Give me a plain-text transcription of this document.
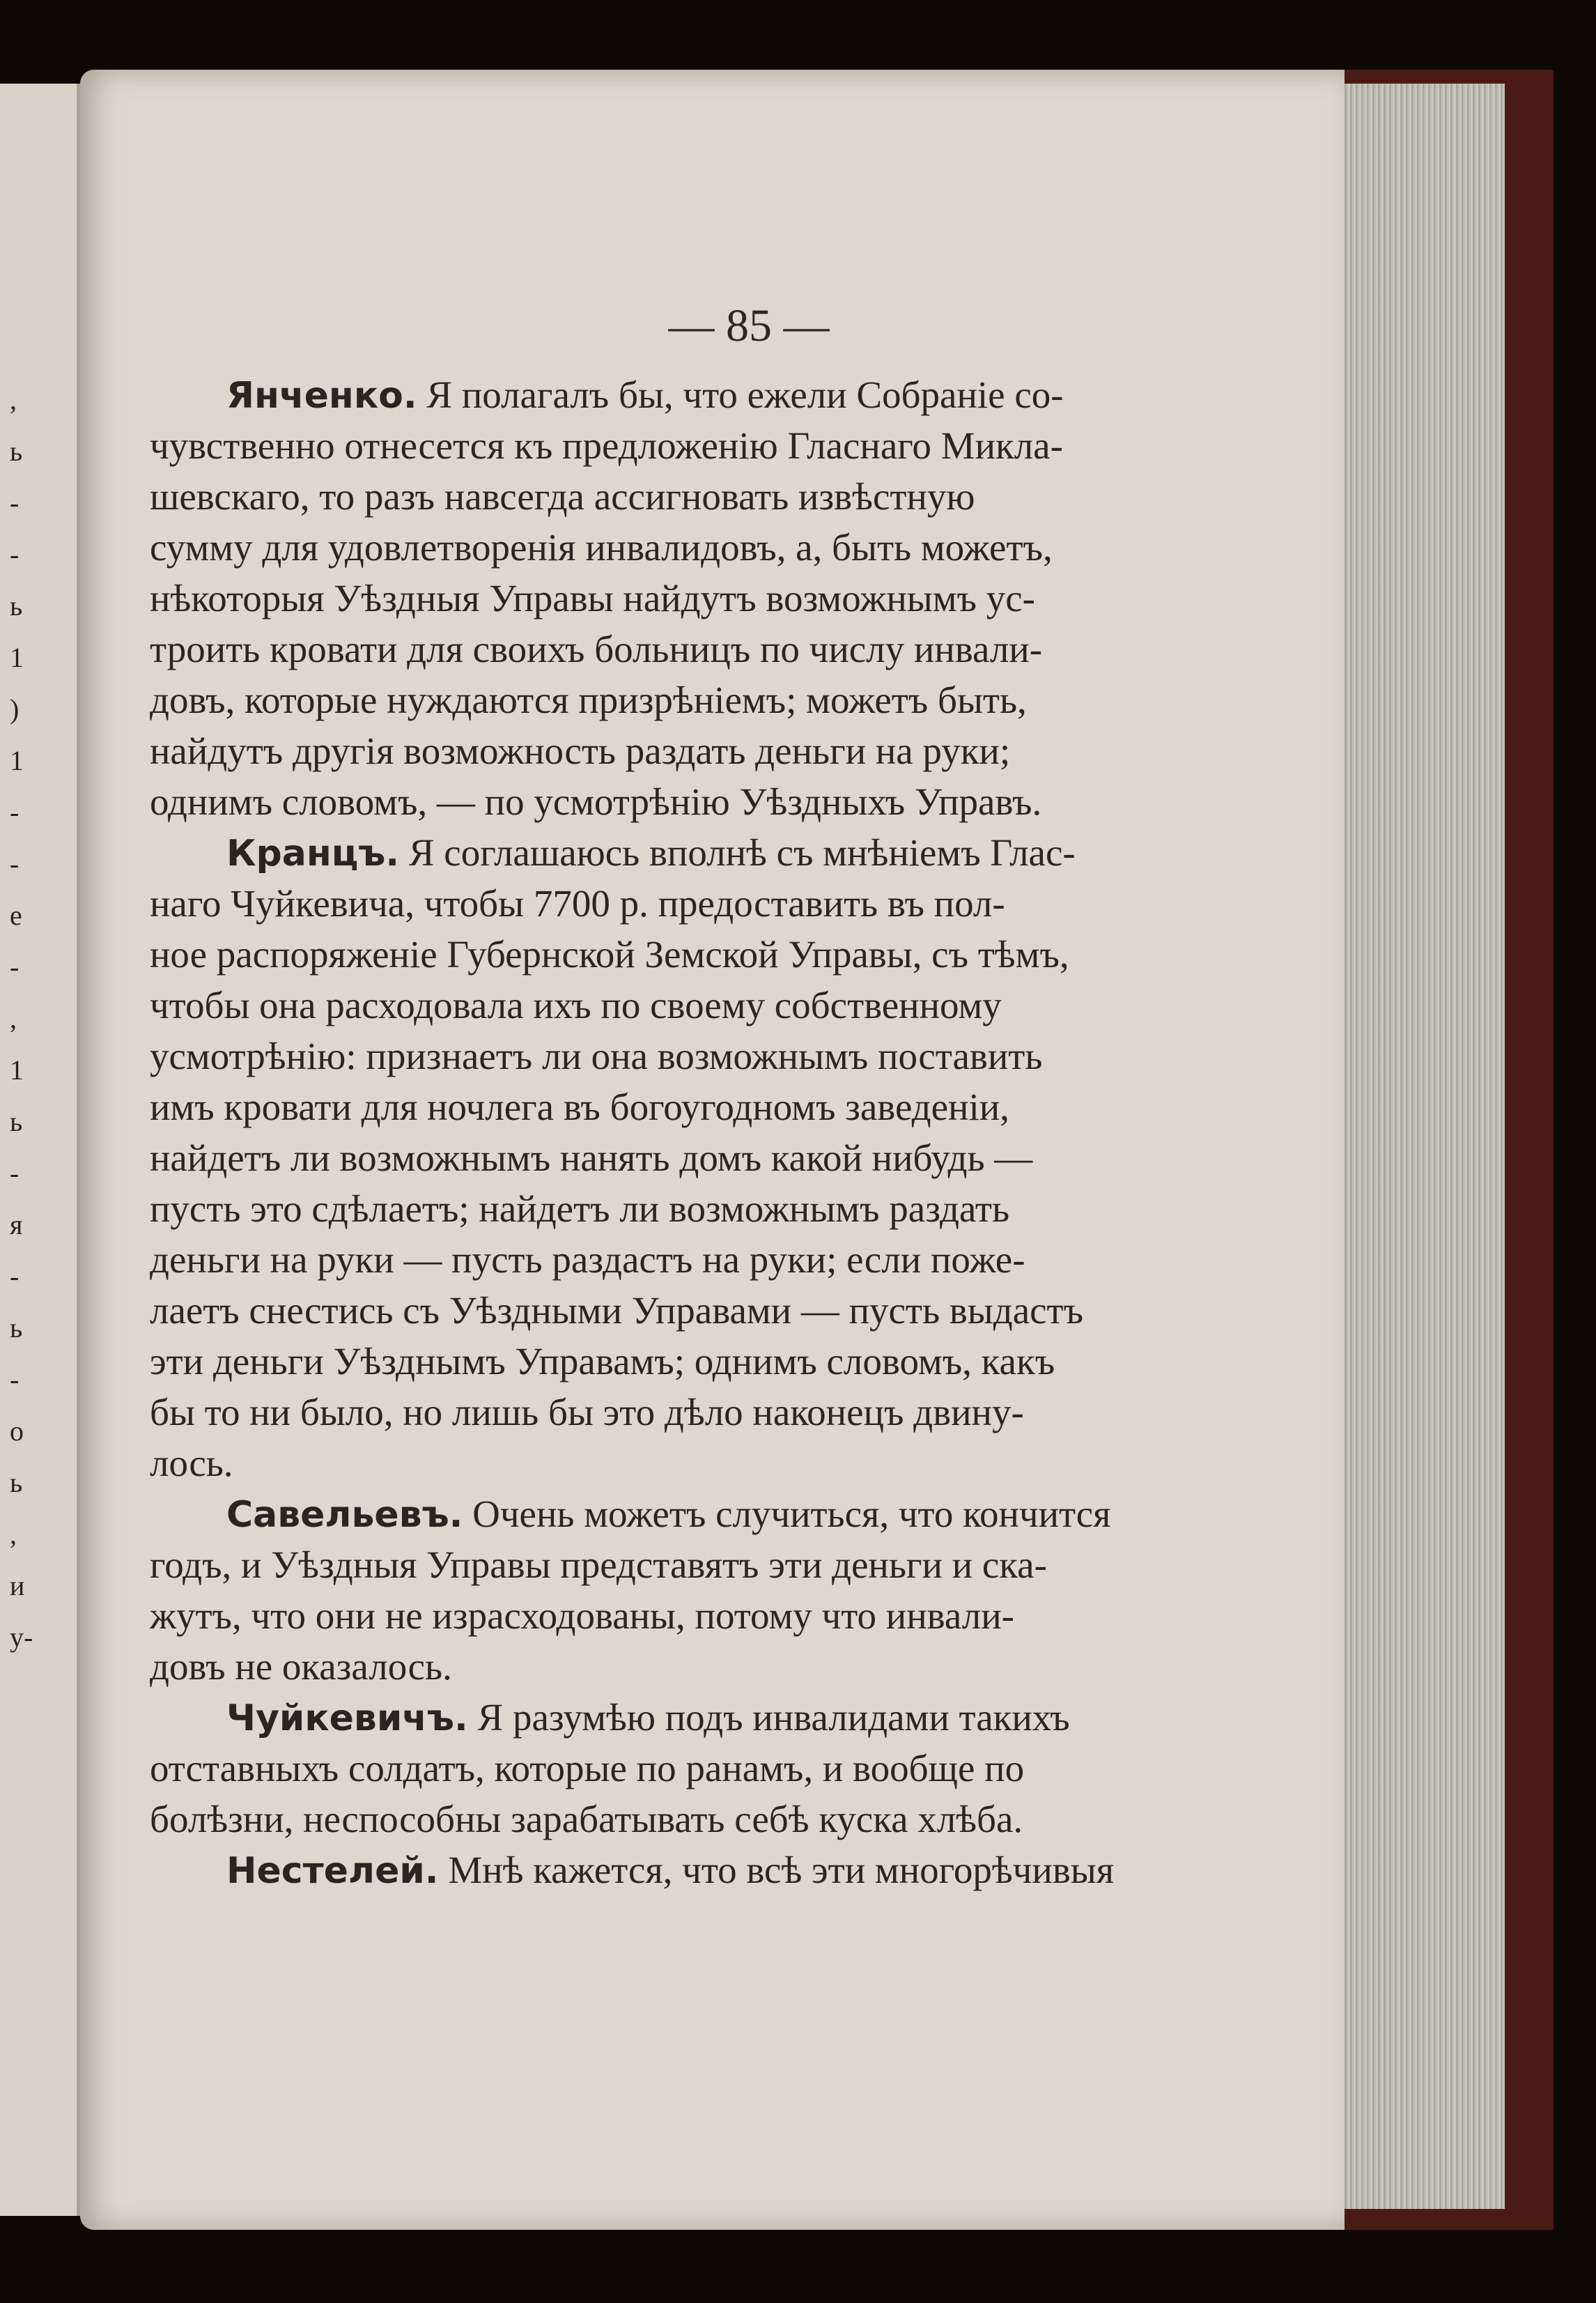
,
ь
-
-
ь
1
)
1
-
-
е
-
,
1
ь
-
я
-
ь
-
о
ь
,
и
у-
— 85 —
Янченко. Я полагалъ бы, что ежели Собраніе со-
чувственно отнесется къ предложенію Гласнаго Микла-
шевскаго, то разъ навсегда ассигновать извѣстную
сумму для удовлетворенія инвалидовъ, а, быть можетъ,
нѣкоторыя Уѣздныя Управы найдутъ возможнымъ ус-
троить кровати для своихъ больницъ по числу инвали-
довъ, которые нуждаются призрѣніемъ; можетъ быть,
найдутъ другія возможность раздать деньги на руки;
однимъ словомъ, — по усмотрѣнію Уѣздныхъ Управъ.
Кранцъ. Я соглашаюсь вполнѣ съ мнѣніемъ Глас-
наго Чуйкевича, чтобы 7700 р. предоставить въ пол-
ное распоряженіе Губернской Земской Управы, съ тѣмъ,
чтобы она расходовала ихъ по своему собственному
усмотрѣнію: признаетъ ли она возможнымъ поставить
имъ кровати для ночлега въ богоугодномъ заведеніи,
найдетъ ли возможнымъ нанять домъ какой нибудь —
пусть это сдѣлаетъ; найдетъ ли возможнымъ раздать
деньги на руки — пусть раздастъ на руки; если поже-
лаетъ снестись съ Уѣздными Управами — пусть выдастъ
эти деньги Уѣзднымъ Управамъ; однимъ словомъ, какъ
бы то ни было, но лишь бы это дѣло наконецъ двину-
лось.
Савельевъ. Очень можетъ случиться, что кончится
годъ, и Уѣздныя Управы представятъ эти деньги и ска-
жутъ, что они не израсходованы, потому что инвали-
довъ не оказалось.
Чуйкевичъ. Я разумѣю подъ инвалидами такихъ
отставныхъ солдатъ, которые по ранамъ, и вообще по
болѣзни, неспособны зарабатывать себѣ куска хлѣба.
Нестелей. Мнѣ кажется, что всѣ эти многорѣчивыя
